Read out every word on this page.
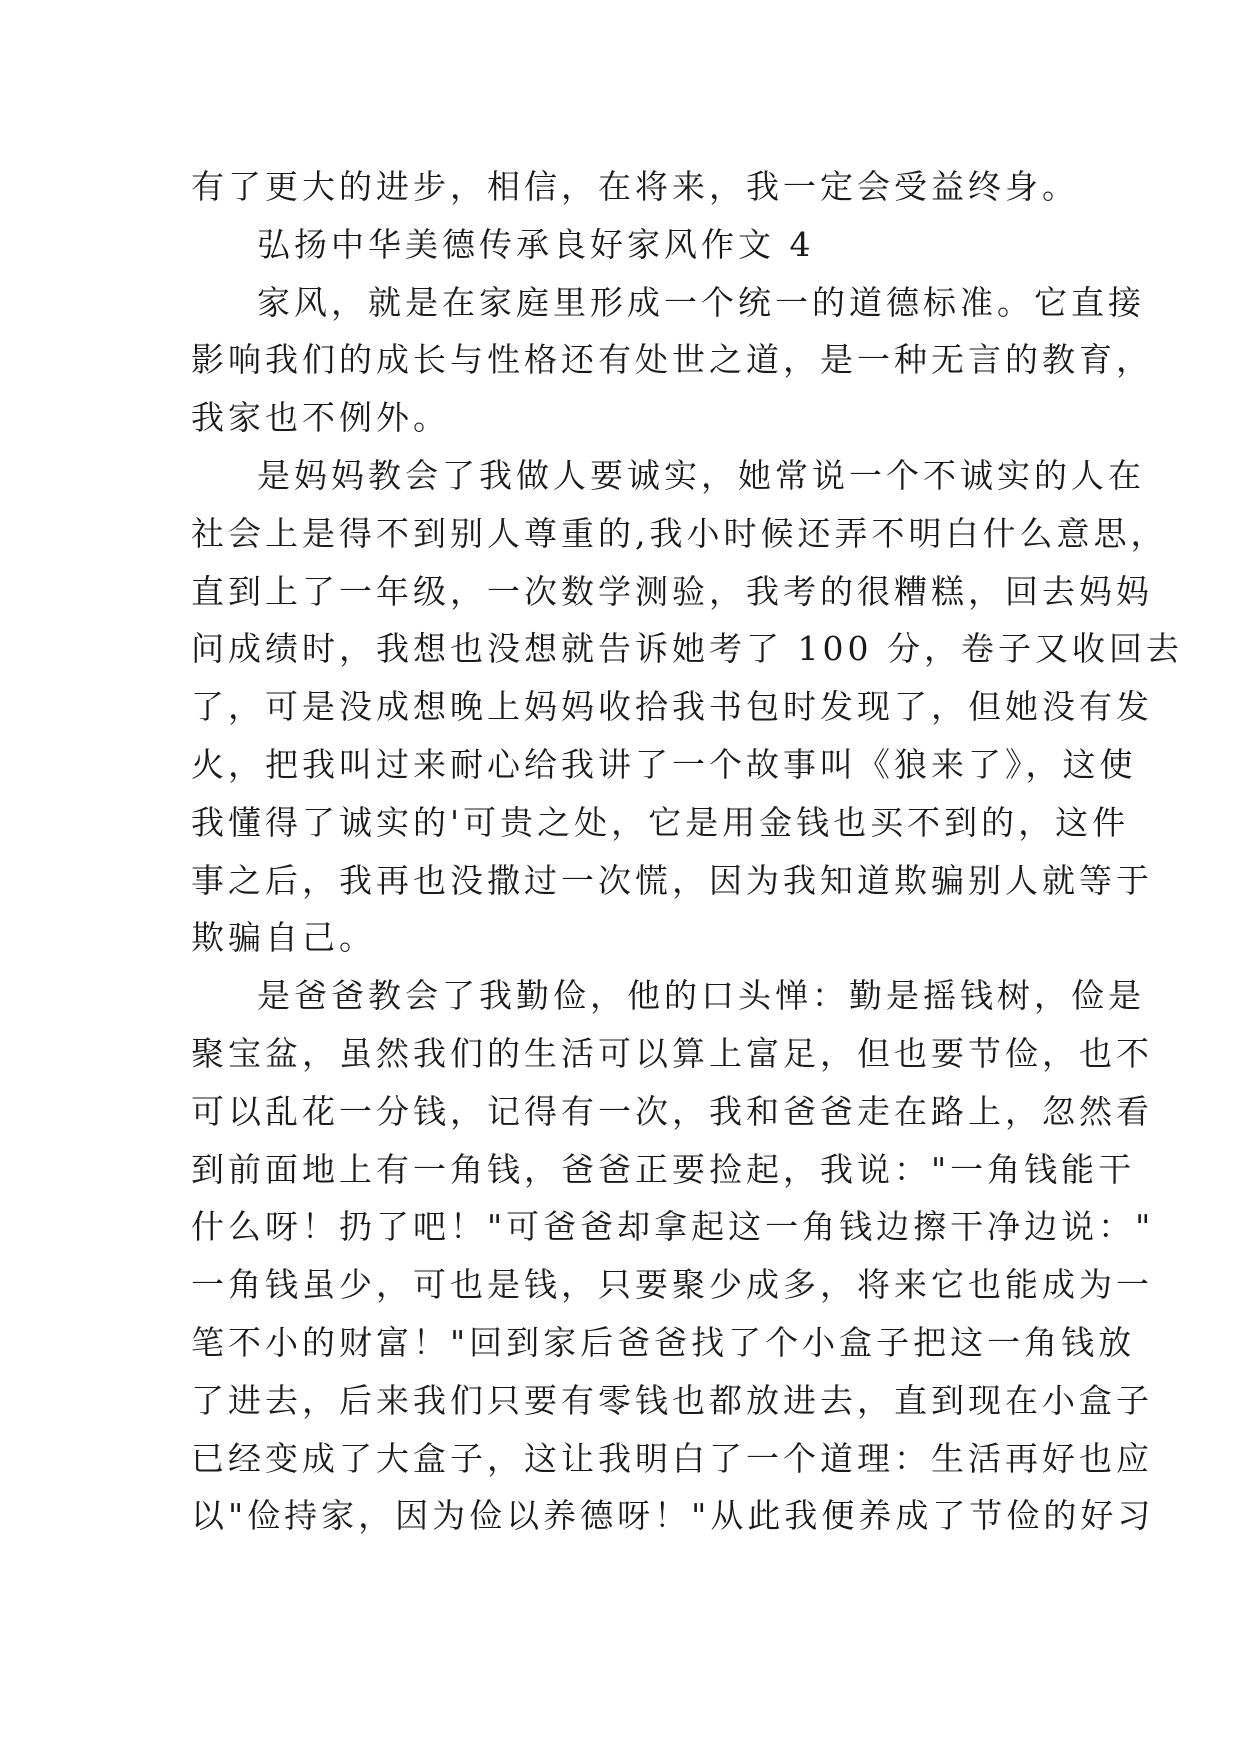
有了更大的进步，相信，在将来，我一定会受益终身。
弘扬中华美德传承良好家风作文 4
家风，就是在家庭里形成一个统一的道德标准。它直接
影响我们的成长与性格还有处世之道，是一种无言的教育，
我家也不例外。
是妈妈教会了我做人要诚实，她常说一个不诚实的人在
社会上是得不到别人尊重的,我小时候还弄不明白什么意思，
直到上了一年级，一次数学测验，我考的很糟糕，回去妈妈
问成绩时，我想也没想就告诉她考了 100 分，卷子又收回去
了，可是没成想晚上妈妈收拾我书包时发现了，但她没有发
火，把我叫过来耐心给我讲了一个故事叫《狼来了》，这使
我懂得了诚实的'可贵之处，它是用金钱也买不到的，这件
事之后，我再也没撒过一次慌，因为我知道欺骗别人就等于
欺骗自己。
是爸爸教会了我勤俭，他的口头惮：勤是摇钱树，俭是
聚宝盆，虽然我们的生活可以算上富足，但也要节俭，也不
可以乱花一分钱，记得有一次，我和爸爸走在路上，忽然看
到前面地上有一角钱，爸爸正要捡起，我说："一角钱能干
什么呀！扔了吧！"可爸爸却拿起这一角钱边擦干净边说："
一角钱虽少，可也是钱，只要聚少成多，将来它也能成为一
笔不小的财富！"回到家后爸爸找了个小盒子把这一角钱放
了进去，后来我们只要有零钱也都放进去，直到现在小盒子
已经变成了大盒子，这让我明白了一个道理：生活再好也应
以"俭持家，因为俭以养德呀！"从此我便养成了节俭的好习
